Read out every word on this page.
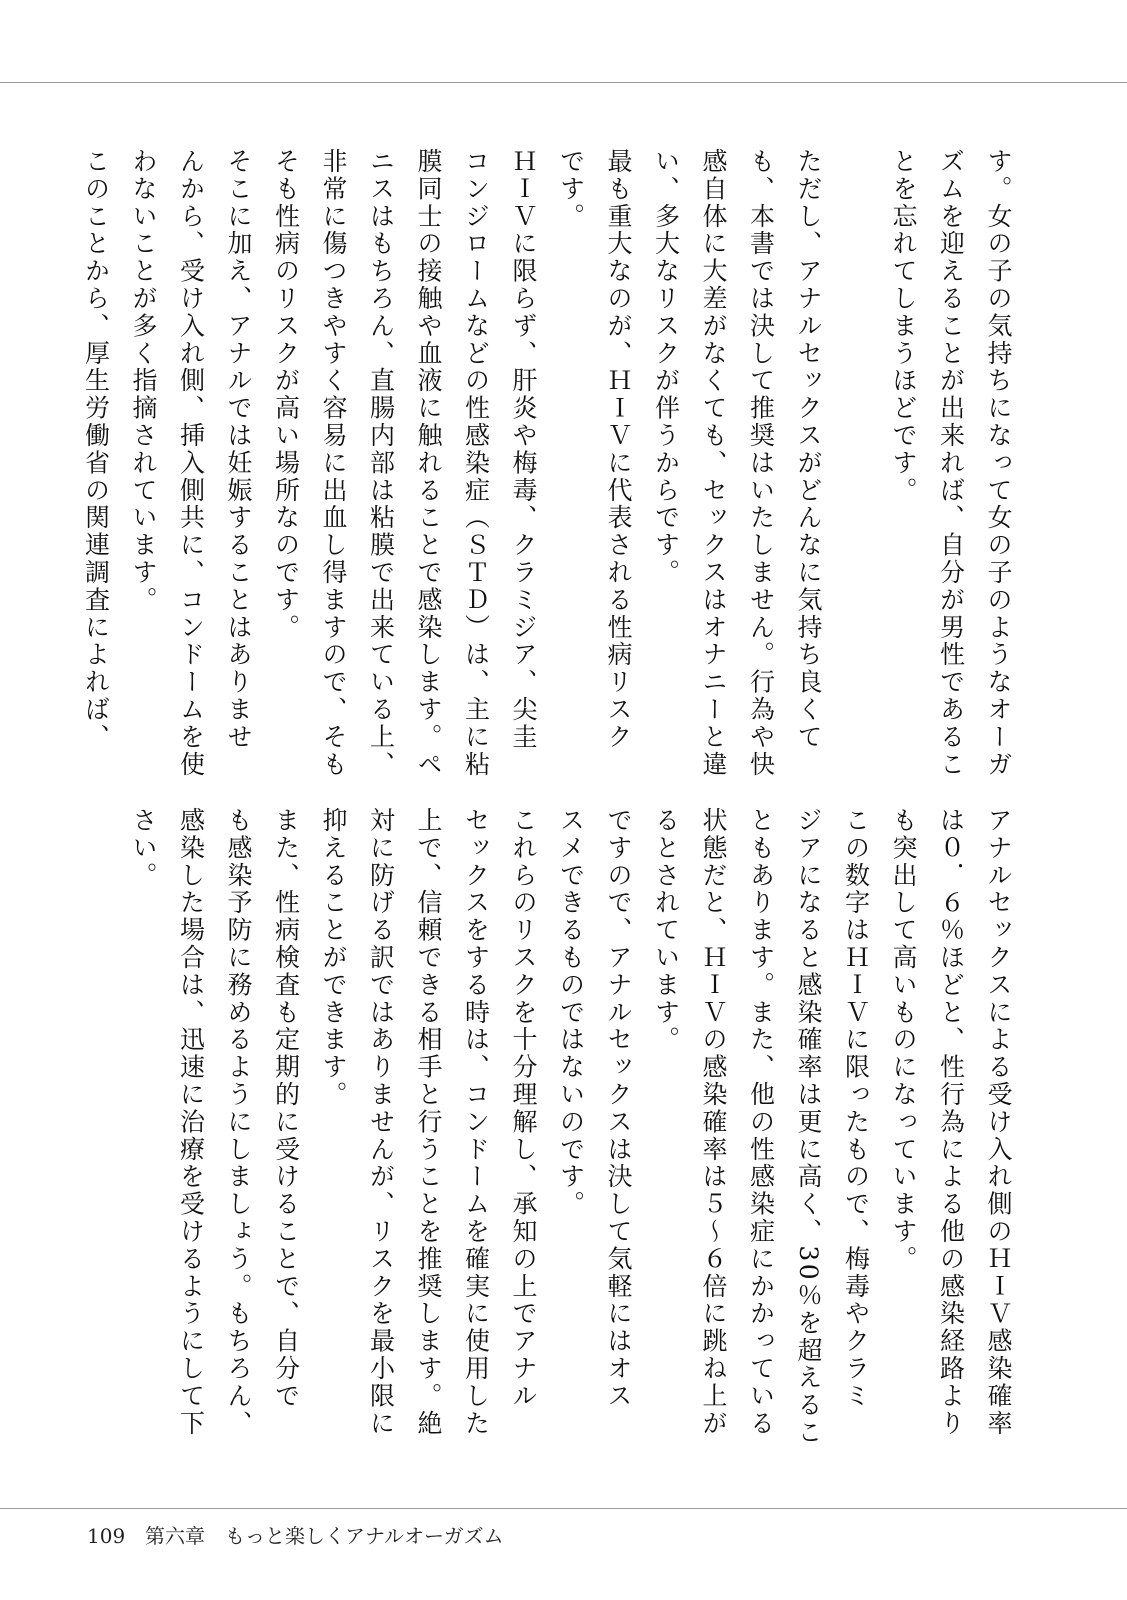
す。女の子の気持ちになって女の子のようなオーガ
ズムを迎えることが出来れば、自分が男性であるこ
とを忘れてしまうほどです。

ただし、アナルセックスがどんなに気持ち良くて
も、本書では決して推奨はいたしません。行為や快
感自体に大差がなくても、セックスはオナニーと違
い、多大なリスクが伴うからです。
最も重大なのが、ＨＩＶに代表される性病リスク
です。
ＨＩＶに限らず、肝炎や梅毒、クラミジア、尖圭
コンジロームなどの性感染症（ＳＴＤ）は、主に粘
膜同士の接触や血液に触れることで感染します。ペ
ニスはもちろん、直腸内部は粘膜で出来ている上、
非常に傷つきやすく容易に出血し得ますので、そも
そも性病のリスクが高い場所なのです。
そこに加え、アナルでは妊娠することはありませ
んから、受け入れ側、挿入側共に、コンドームを使
わないことが多く指摘されています。
このことから、厚生労働省の関連調査によれば、
アナルセックスによる受け入れ側のＨＩＶ感染確率
は０．６％ほどと、性行為による他の感染経路より
も突出して高いものになっています。
この数字はＨＩＶに限ったもので、梅毒やクラミ
ジアになると感染確率は更に高く、30％を超えるこ
ともあります。また、他の性感染症にかかっている
状態だと、ＨＩＶの感染確率は５～６倍に跳ね上が
るとされています。
ですので、アナルセックスは決して気軽にはオス
スメできるものではないのです。
これらのリスクを十分理解し、承知の上でアナル
セックスをする時は、コンドームを確実に使用した
上で、信頼できる相手と行うことを推奨します。絶
対に防げる訳ではありませんが、リスクを最小限に
抑えることができます。
また、性病検査も定期的に受けることで、自分で
も感染予防に務めるようにしましょう。もちろん、
感染した場合は、迅速に治療を受けるようにして下
さい。
109 第六章　 もっと楽しくアナルオーガズム
